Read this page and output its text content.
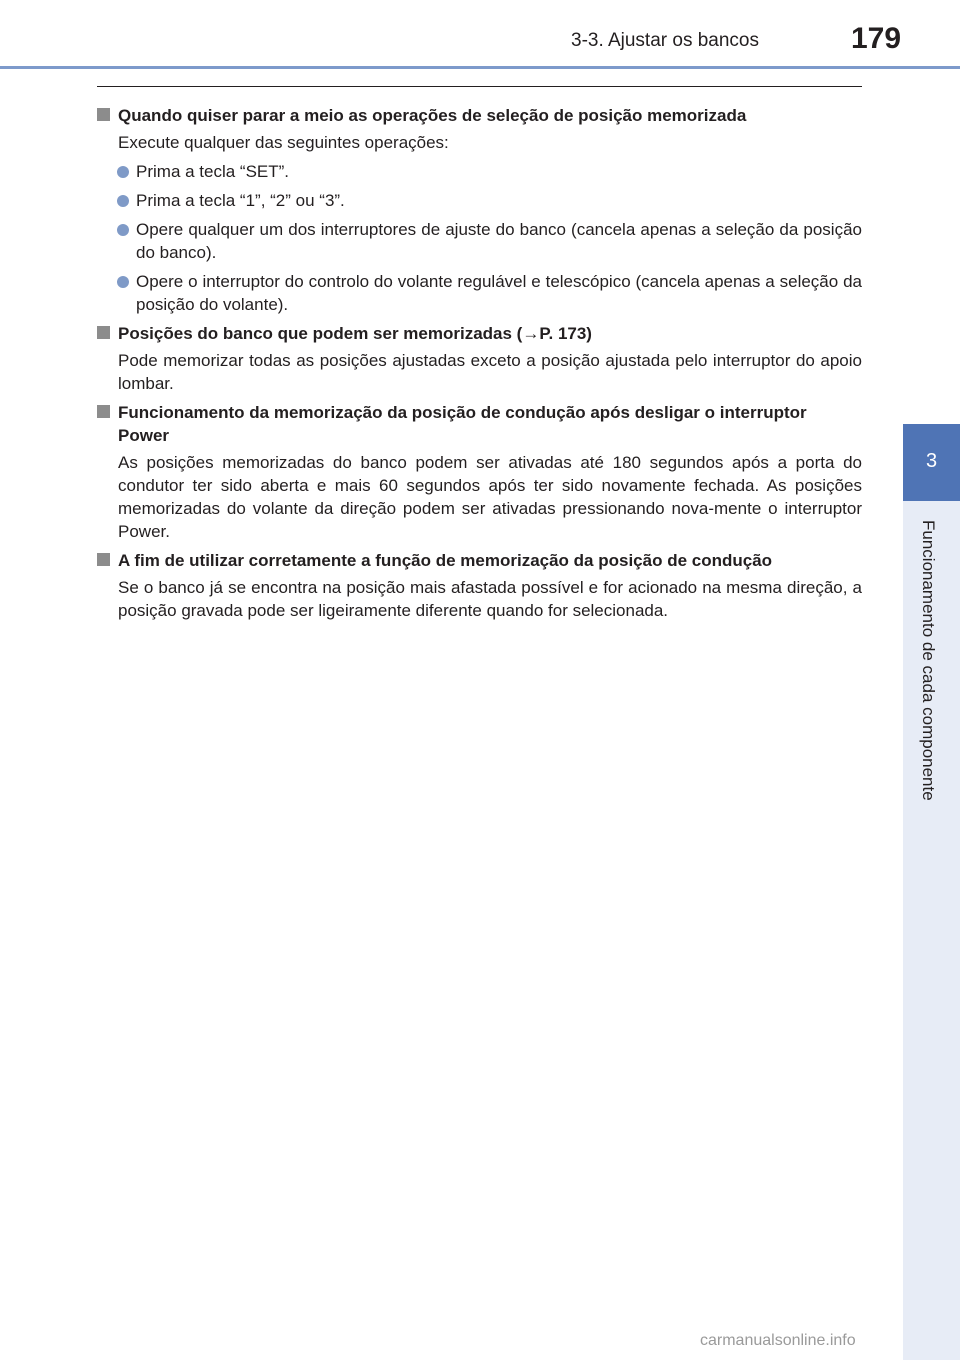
3-3. Ajustar os bancos	179
3
Funcionamento de cada componente
Quando quiser parar a meio as operações de seleção de posição memorizada
Execute qualquer das seguintes operações:
Prima a tecla “SET”.
Prima a tecla “1”, “2” ou “3”.
Opere qualquer um dos interruptores de ajuste do banco (cancela apenas a seleção da posição do banco).
Opere o interruptor do controlo do volante regulável e telescópico (cancela apenas a seleção da posição do volante).
Posições do banco que podem ser memorizadas (→P. 173)
Pode memorizar todas as posições ajustadas exceto a posição ajustada pelo interruptor do apoio lombar.
Funcionamento da memorização da posição de condução após desligar o interruptor Power
As posições memorizadas do banco podem ser ativadas até 180 segundos após a porta do condutor ter sido aberta e mais 60 segundos após ter sido novamente fechada. As posições memorizadas do volante da direção podem ser ativadas pressionando nova-mente o interruptor Power.
A fim de utilizar corretamente a função de memorização da posição de condução
Se o banco já se encontra na posição mais afastada possível e for acionado na mesma direção, a posição gravada pode ser ligeiramente diferente quando for selecionada.
carmanualsonline.info
